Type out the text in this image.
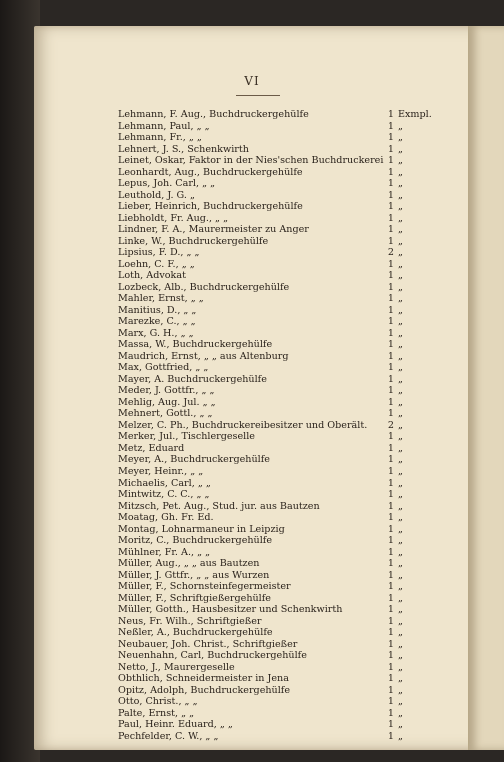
VI
Lehmann, F. Aug., Buchdruckergehülfe	1 Exmpl.
Lehmann, Paul, „ „	1 „
Lehmann, Fr., „ „	1 „
Lehnert, J. S., Schenkwirth	1 „
Leinet, Oskar, Faktor in der Nies'schen Buchdruckerei 1 „
Leonhardt, Aug., Buchdruckergehülfe	1 „
Lepus, Joh. Carl, „ „	1 „
Leuthold, J. G. „	1 „
Lieber, Heinrich, Buchdruckergehülfe	1 „
Liebholdt, Fr. Aug., „ „	1 „
Lindner, F. A., Maurermeister zu Anger	1 „
Linke, W., Buchdruckergehülfe	1 „
Lipsius, F. D., „ „	2 „
Loehn, C. F., „ „	1 „
Loth, Advokat	1 „
Lozbeck, Alb., Buchdruckergehülfe	1 „
Mahler, Ernst, „ „	1 „
Manitius, D., „ „	1 „
Marezke, C., „ „	1 „
Marx, G. H., „ „	1 „
Massa, W., Buchdruckergehülfe	1 „
Maudrich, Ernst, „ „ aus Altenburg	1 „
Max, Gottfried, „ „	1 „
Mayer, A. Buchdruckergehülfe	1 „
Meder, J. Gottfr., „ „	1 „
Mehlig, Aug. Jul. „ „	1 „
Mehnert, Gottl., „ „	1 „
Melzer, C. Ph., Buchdruckereibesitzer und Oberält.	2 „
Merker, Jul., Tischlergeselle	1 „
Metz, Eduard	1 „
Meyer, A., Buchdruckergehülfe	1 „
Meyer, Heinr., „ „	1 „
Michaelis, Carl, „ „	1 „
Mintwitz, C. C., „ „	1 „
Mitzsch, Pet. Aug., Stud. jur. aus Bautzen	1 „
Moatag, Gh. Fr. Ed.	1 „
Montag, Lohnarmaneur in Leipzig	1 „
Moritz, C., Buchdruckergehülfe	1 „
Mühlner, Fr. A., „ „	1 „
Müller, Aug., „ „ aus Bautzen	1 „
Müller, J. Gttfr., „ „ aus Wurzen	1 „
Müller, F., Schornsteinfegermeister	1 „
Müller, F., Schriftgießergehülfe	1 „
Müller, Gotth., Hausbesitzer und Schenkwirth	1 „
Neus, Fr. Wilh., Schriftgießer	1 „
Neßler, A., Buchdruckergehülfe	1 „
Neubauer, Joh. Christ., Schriftgießer	1 „
Neuenhahn, Carl, Buchdruckergehülfe	1 „
Netto, J., Maurergeselle	1 „
Obthlich, Schneidermeister in Jena	1 „
Opitz, Adolph, Buchdruckergehülfe	1 „
Otto, Christ., „ „	1 „
Palte, Ernst, „ „	1 „
Paul, Heinr. Eduard, „ „	1 „
Pechfelder, C. W., „ „	1 „
